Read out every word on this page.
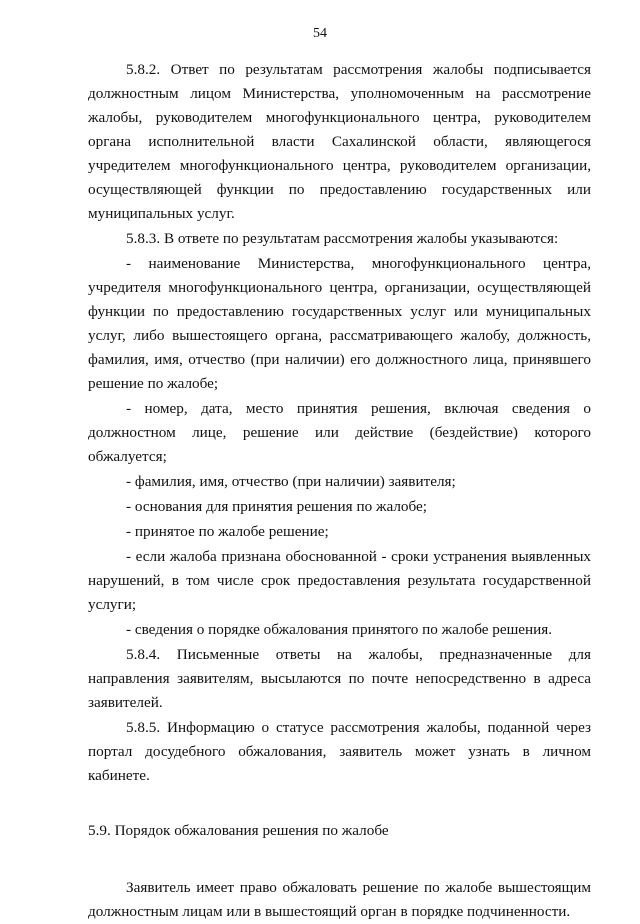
54

5.8.2. Ответ по результатам рассмотрения жалобы подписывается должностным лицом Министерства, уполномоченным на рассмотрение жалобы, руководителем многофункционального центра, руководителем органа исполнительной власти Сахалинской области, являющегося учредителем многофункционального центра, руководителем организации, осуществляющей функции по предоставлению государственных или муниципальных услуг.

5.8.3. В ответе по результатам рассмотрения жалобы указываются:

- наименование Министерства, многофункционального центра, учредителя многофункционального центра, организации, осуществляющей функции по предоставлению государственных услуг или муниципальных услуг, либо вышестоящего органа, рассматривающего жалобу, должность, фамилия, имя, отчество (при наличии) его должностного лица, принявшего решение по жалобе;

- номер, дата, место принятия решения, включая сведения о должностном лице, решение или действие (бездействие) которого обжалуется;

- фамилия, имя, отчество (при наличии) заявителя;

- основания для принятия решения по жалобе;

- принятое по жалобе решение;

- если жалоба признана обоснованной - сроки устранения выявленных нарушений, в том числе срок предоставления результата государственной услуги;

- сведения о порядке обжалования принятого по жалобе решения.

5.8.4. Письменные ответы на жалобы, предназначенные для направления заявителям, высылаются по почте непосредственно в адреса заявителей.

5.8.5. Информацию о статусе рассмотрения жалобы, поданной через портал досудебного обжалования, заявитель может узнать в личном кабинете.

5.9. Порядок обжалования решения по жалобе

Заявитель имеет право обжаловать решение по жалобе вышестоящим должностным лицам или в вышестоящий орган в порядке подчиненности.
